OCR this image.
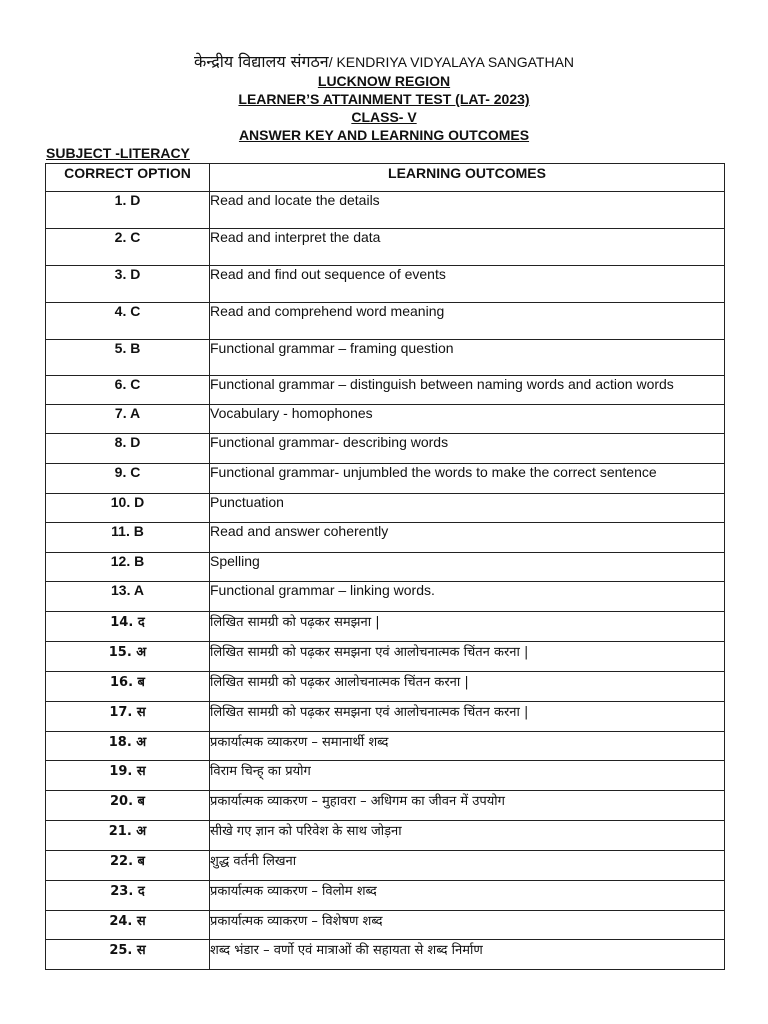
केन्द्रीय विद्यालय संगठन/ KENDRIYA VIDYALAYA SANGATHAN
LUCKNOW REGION
LEARNER’S ATTAINMENT TEST (LAT- 2023)
CLASS- V
ANSWER KEY AND LEARNING OUTCOMES
SUBJECT -LITERACY
CORRECT OPTION	LEARNING OUTCOMES
1. D	Read and locate the details
2. C	Read and interpret the data
3. D	Read and find out sequence of events
4. C	Read and comprehend word meaning
5. B	Functional grammar – framing question
6. C	Functional grammar – distinguish between naming words and action words
7. A	Vocabulary - homophones
8. D	Functional grammar- describing words
9. C	Functional grammar- unjumbled the words to make the correct sentence
10. D	Punctuation
11. B	Read and answer coherently
12. B	Spelling
13. A	Functional grammar – linking words.
14. द	लिखित सामग्री को पढ़कर समझना |
15. अ	लिखित सामग्री को पढ़कर समझना एवं आलोचनात्मक चिंतन करना |
16. ब	लिखित सामग्री को पढ़कर आलोचनात्मक चिंतन करना |
17. स	लिखित सामग्री को पढ़कर समझना एवं आलोचनात्मक चिंतन करना |
18. अ	प्रकार्यात्मक व्याकरण – समानार्थी शब्द
19. स	विराम चिन्ह् का प्रयोग
20. ब	प्रकार्यात्मक व्याकरण – मुहावरा – अधिगम का जीवन में उपयोग
21. अ	सीखे गए ज्ञान को परिवेश के साथ जोड़ना
22. ब	शुद्ध वर्तनी लिखना
23. द	प्रकार्यात्मक व्याकरण – विलोम शब्द
24. स	प्रकार्यात्मक व्याकरण – विशेषण शब्द
25. स	शब्द भंडार – वर्णो एवं मात्राओं की सहायता से शब्द निर्माण
